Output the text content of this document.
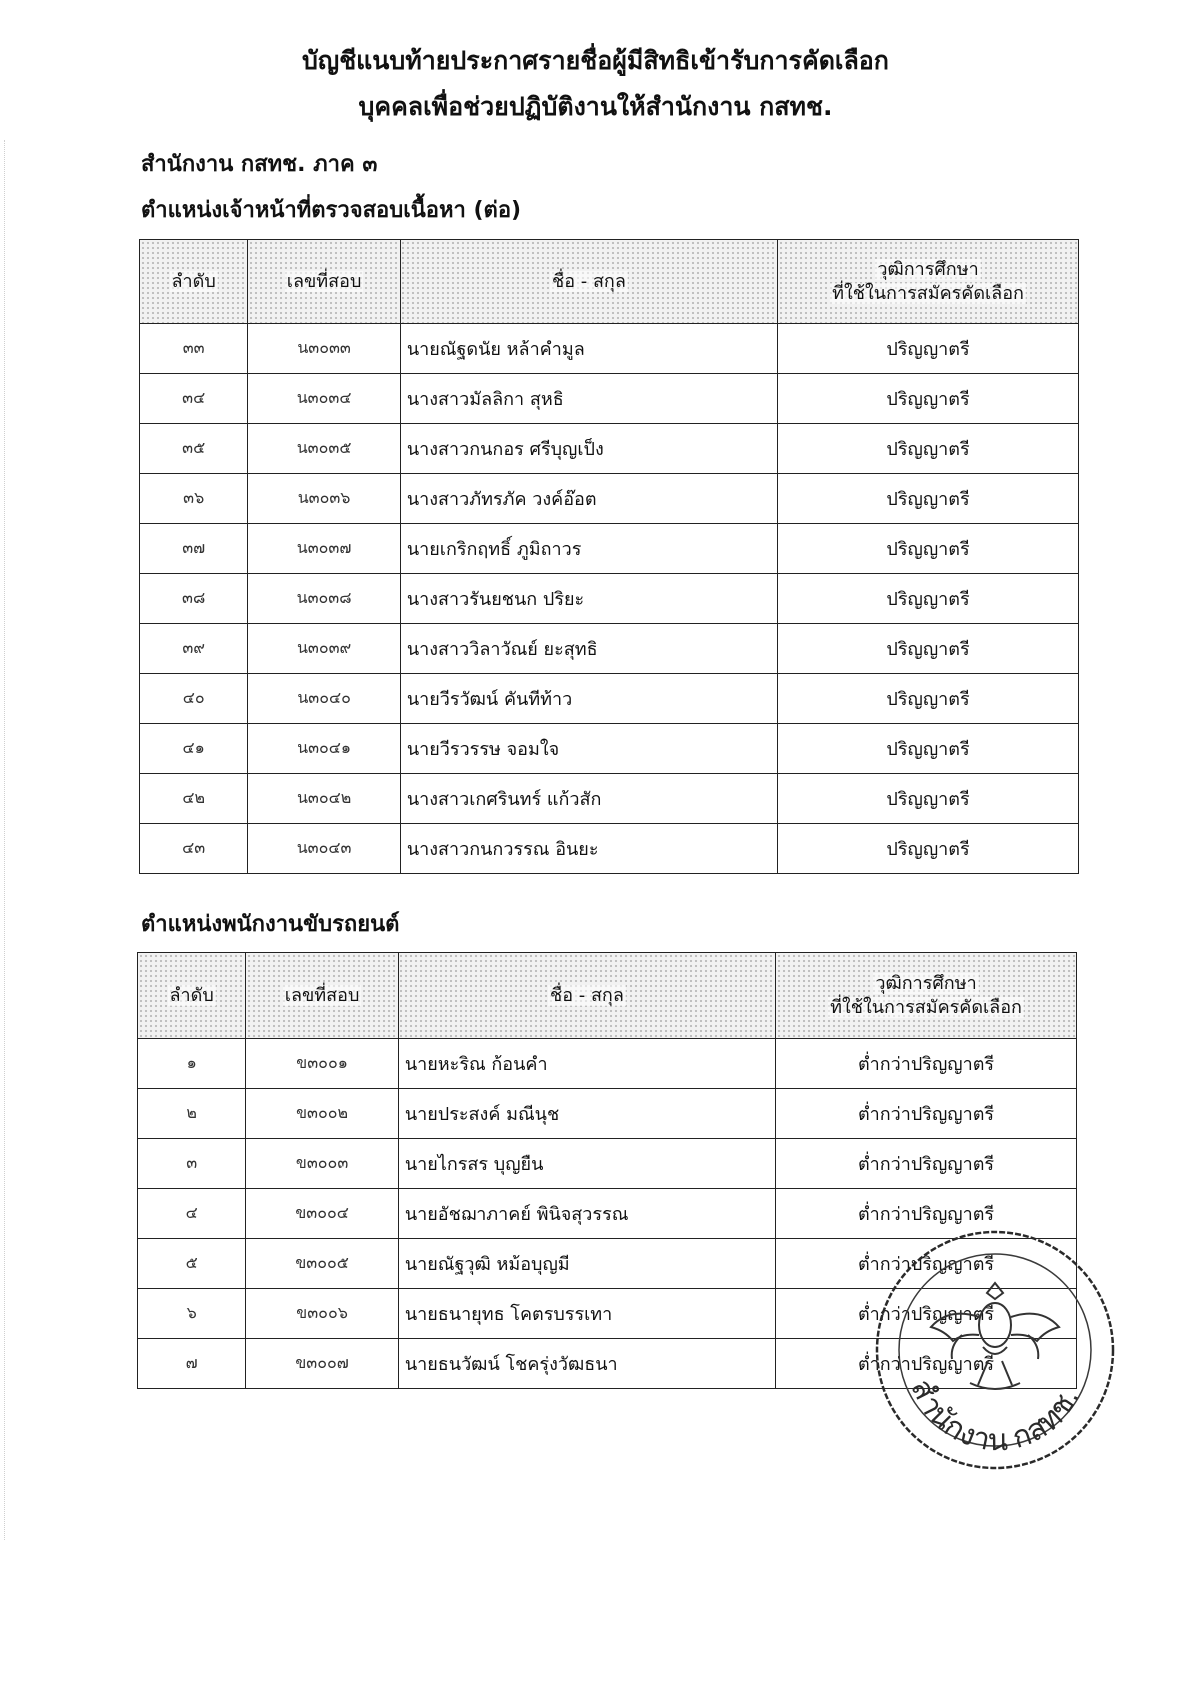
บัญชีแนบท้ายประกาศรายชื่อผู้มีสิทธิเข้ารับการคัดเลือก
บุคคลเพื่อช่วยปฏิบัติงานให้สำนักงาน กสทช.
สำนักงาน กสทช. ภาค ๓
ตำแหน่งเจ้าหน้าที่ตรวจสอบเนื้อหา (ต่อ)
ลำดับ	เลขที่สอบ	ชื่อ - สกุล	วุฒิการศึกษา
ที่ใช้ในการสมัครคัดเลือก
๓๓	น๓๐๓๓	นายณัฐดนัย หล้าคำมูล	ปริญญาตรี
๓๔	น๓๐๓๔	นางสาวมัลลิกา สุหธิ	ปริญญาตรี
๓๕	น๓๐๓๕	นางสาวกนกอร ศรีบุญเป็ง	ปริญญาตรี
๓๖	น๓๐๓๖	นางสาวภัทรภัค วงค์อ๊อต	ปริญญาตรี
๓๗	น๓๐๓๗	นายเกริกฤทธิ์ ภูมิถาวร	ปริญญาตรี
๓๘	น๓๐๓๘	นางสาวรันยชนก ปริยะ	ปริญญาตรี
๓๙	น๓๐๓๙	นางสาววิลาวัณย์ ยะสุทธิ	ปริญญาตรี
๔๐	น๓๐๔๐	นายวีรวัฒน์ คันทีท้าว	ปริญญาตรี
๔๑	น๓๐๔๑	นายวีรวรรษ จอมใจ	ปริญญาตรี
๔๒	น๓๐๔๒	นางสาวเกศรินทร์ แก้วสัก	ปริญญาตรี
๔๓	น๓๐๔๓	นางสาวกนกวรรณ อินยะ	ปริญญาตรี
ตำแหน่งพนักงานขับรถยนต์
ลำดับ	เลขที่สอบ	ชื่อ - สกุล	วุฒิการศึกษา
ที่ใช้ในการสมัครคัดเลือก
๑	ข๓๐๐๑	นายหะริณ ก้อนคำ	ต่ำกว่าปริญญาตรี
๒	ข๓๐๐๒	นายประสงค์ มณีนุช	ต่ำกว่าปริญญาตรี
๓	ข๓๐๐๓	นายไกรสร บุญยืน	ต่ำกว่าปริญญาตรี
๔	ข๓๐๐๔	นายอัชฌาภาคย์ พินิจสุวรรณ	ต่ำกว่าปริญญาตรี
๕	ข๓๐๐๕	นายณัฐวุฒิ หม้อบุญมี	ต่ำกว่าปริญญาตรี
๖	ข๓๐๐๖	นายธนายุทธ โคตรบรรเทา	ต่ำกว่าปริญญาตรี
๗	ข๓๐๐๗	นายธนวัฒน์ โชครุ่งวัฒธนา	ต่ำกว่าปริญญาตรี
สำนักงาน กสทช.
